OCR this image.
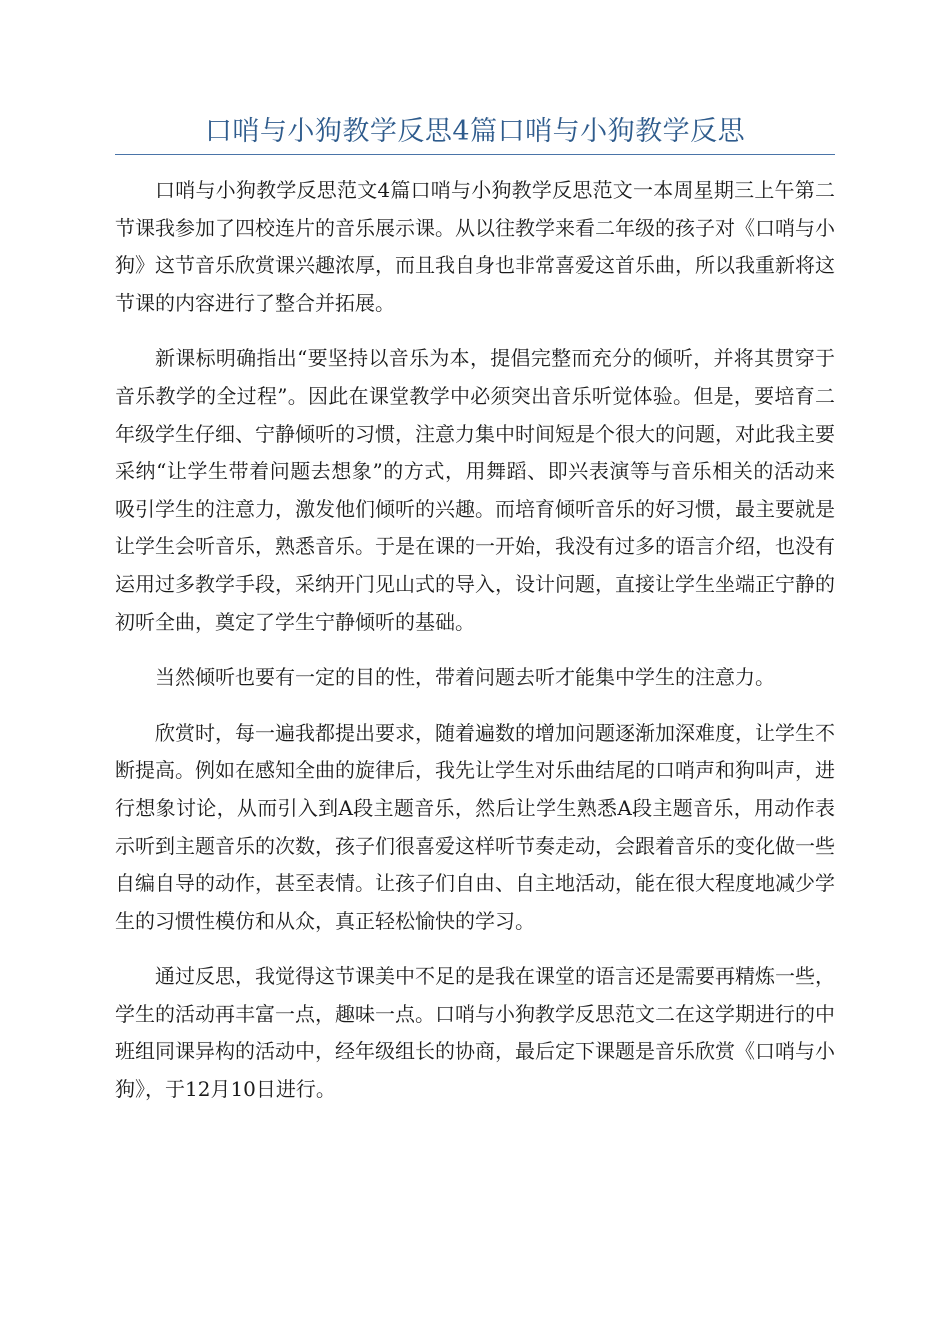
口哨与小狗教学反思4篇口哨与小狗教学反思

口哨与小狗教学反思范文4篇口哨与小狗教学反思范文一本周星期三上午第二节课我参加了四校连片的音乐展示课。从以往教学来看二年级的孩子对《口哨与小狗》这节音乐欣赏课兴趣浓厚，而且我自身也非常喜爱这首乐曲，所以我重新将这节课的内容进行了整合并拓展。

新课标明确指出“要坚持以音乐为本，提倡完整而充分的倾听，并将其贯穿于音乐教学的全过程”。因此在课堂教学中必须突出音乐听觉体验。但是，要培育二年级学生仔细、宁静倾听的习惯，注意力集中时间短是个很大的问题，对此我主要采纳“让学生带着问题去想象”的方式，用舞蹈、即兴表演等与音乐相关的活动来吸引学生的注意力，激发他们倾听的兴趣。而培育倾听音乐的好习惯，最主要就是让学生会听音乐，熟悉音乐。于是在课的一开始，我没有过多的语言介绍，也没有运用过多教学手段，采纳开门见山式的导入，设计问题，直接让学生坐端正宁静的初听全曲，奠定了学生宁静倾听的基础。

当然倾听也要有一定的目的性，带着问题去听才能集中学生的注意力。

欣赏时，每一遍我都提出要求，随着遍数的增加问题逐渐加深难度，让学生不断提高。例如在感知全曲的旋律后，我先让学生对乐曲结尾的口哨声和狗叫声，进行想象讨论，从而引入到A段主题音乐，然后让学生熟悉A段主题音乐，用动作表示听到主题音乐的次数，孩子们很喜爱这样听节奏走动，会跟着音乐的变化做一些自编自导的动作，甚至表情。让孩子们自由、自主地活动，能在很大程度地减少学生的习惯性模仿和从众，真正轻松愉快的学习。

通过反思，我觉得这节课美中不足的是我在课堂的语言还是需要再精炼一些，学生的活动再丰富一点，趣味一点。口哨与小狗教学反思范文二在这学期进行的中班组同课异构的活动中，经年级组长的协商，最后定下课题是音乐欣赏《口哨与小狗》，于12月10日进行。
